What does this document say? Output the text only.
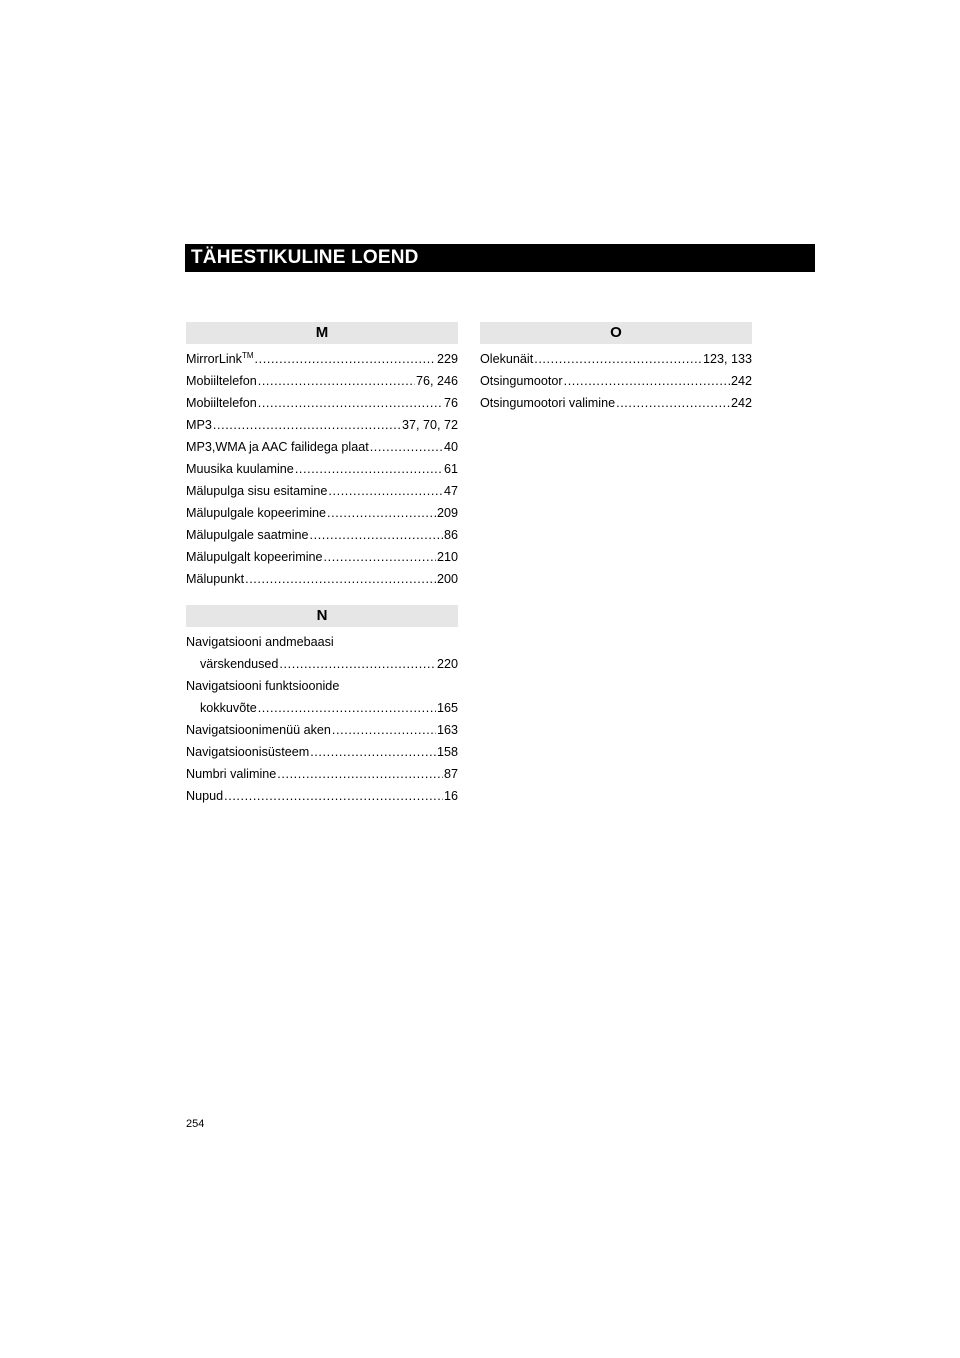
TÄHESTIKULINE LOEND
M
MirrorLink™ .....	229
Mobiiltelefon .....	76, 246
Mobiiltelefon .....	76
MP3 .....	37, 70, 72
MP3,WMA ja AAC failidega plaat .....	40
Muusika kuulamine .....	61
Mälupulga sisu esitamine .....	47
Mälupulgale kopeerimine .....	209
Mälupulgale saatmine .....	86
Mälupulgalt kopeerimine .....	210
Mälupunkt .....	200
N
Navigatsiooni andmebaasi
värskendused .....	220
Navigatsiooni funktsioonide
kokkuvõte .....	165
Navigatsioonimenüü aken .....	163
Navigatsioonisüsteem .....	158
Numbri valimine .....	87
Nupud .....	16
O
Olekunäit .....	123, 133
Otsingumootor .....	242
Otsingumootori valimine .....	242
254
